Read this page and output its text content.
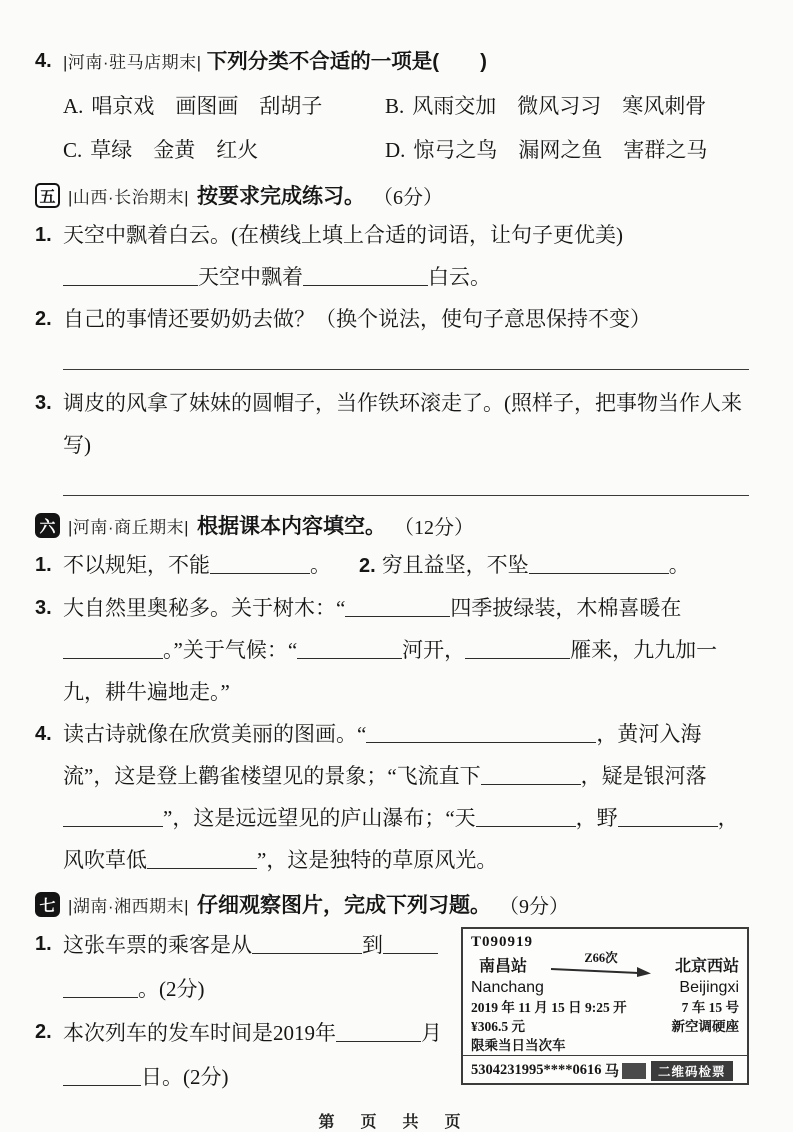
4. |河南·驻马店期末| 下列分类不合适的一项是(　　)
A. 唱京戏　画图画　刮胡子	B. 风雨交加　微风习习　寒风刺骨
C. 草绿　金黄　红火	D. 惊弓之鸟　漏网之鱼　害群之马
五 |山西·长治期末| 按要求完成练习。 （6分）
1. 天空中飘着白云。(在横线上填上合适的词语，让句子更优美)
天空中飘着	白云。
2. 自己的事情还要奶奶去做？（换个说法，使句子意思保持不变）
3. 调皮的风拿了妹妹的圆帽子，当作铁环滚走了。(照样子，把事物当作人来写)
六 |河南·商丘期末| 根据课本内容填空。 （12分）
1. 不以规矩，不能	。 2. 穷且益坚，不坠	。
3. 大自然里奥秘多。关于树木：“	四季披绿装，木棉喜暖在。”关于气候：“	河开，	雁来，九九加一九，耕牛遍地走。”
4. 读古诗就像在欣赏美丽的图画。“	，黄河入海流”，这是登上鹳雀楼望见的景象；“飞流直下	，疑是银河落”，这是远远望见的庐山瀑布；“天	，野	，风吹草低	”，这是独特的草原风光。
七 |湖南·湘西期末| 仔细观察图片，完成下列习题。 （9分）
1. 这张车票的乘客是从	到
。(2分)
2. 本次列车的发车时间是2019年	月
日。(2分)
T090919
南昌站	Z66次	北京西站
Nanchang	Beijingxi
2019 年 11 月 15 日 9:25 开	7 车 15 号
¥306.5 元	新空调硬座
限乘当日当次车
5304231995****0616 马	二维码检票
第　页　共　页
